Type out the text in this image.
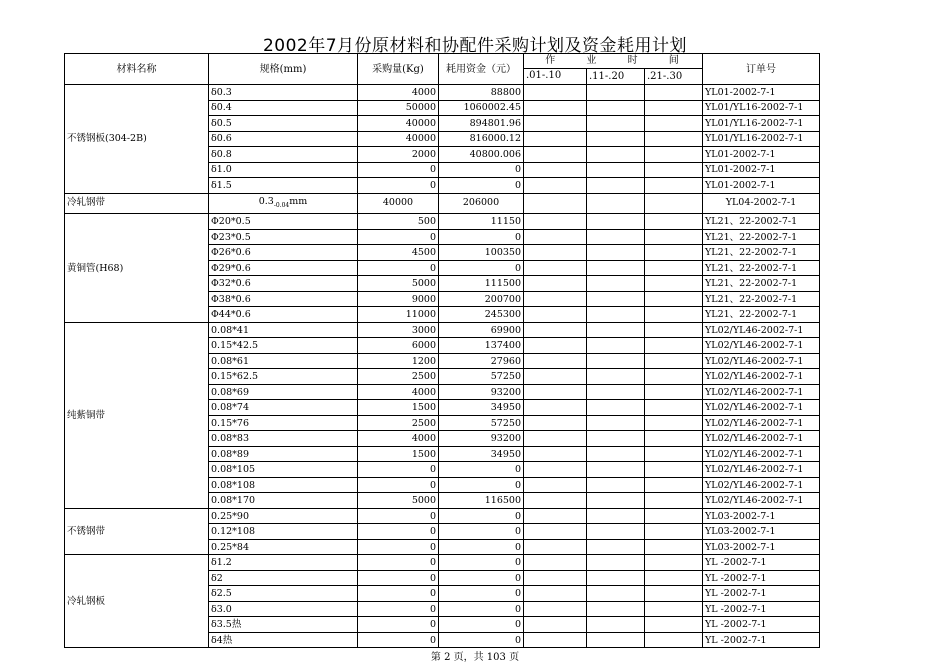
2002年7月份原材料和协配件采购计划及资金耗用计划
材料名称	规格(mm)	采购量(Kg)	耗用资金（元）	作 业 时 间			订单号
				.01-.10	.11-.20	.21-.30	
不锈钢板(304-2B)	δ0.3	4000	88800				YL01-2002-7-1
	δ0.4	50000	1060002.45				YL01/YL16-2002-7-1
	δ0.5	40000	894801.96				YL01/YL16-2002-7-1
	δ0.6	40000	816000.12				YL01/YL16-2002-7-1
	δ0.8	2000	40800.006				YL01-2002-7-1
	δ1.0	0	0				YL01-2002-7-1
	δ1.5	0	0				YL01-2002-7-1
冷轧钢带	$0.3_{-0.04}mm$	40000	206000				YL04-2002-7-1
黄铜管(H68)	Φ20*0.5	500	11150				YL21、22-2002-7-1
	Φ23*0.5	0	0				YL21、22-2002-7-1
	Φ26*0.6	4500	100350				YL21、22-2002-7-1
	Φ29*0.6	0	0				YL21、22-2002-7-1
	Φ32*0.6	5000	111500				YL21、22-2002-7-1
	Φ38*0.6	9000	200700				YL21、22-2002-7-1
	Φ44*0.6	11000	245300				YL21、22-2002-7-1
纯紫铜带	0.08*41	3000	69900				YL02/YL46-2002-7-1
	0.15*42.5	6000	137400				YL02/YL46-2002-7-1
	0.08*61	1200	27960				YL02/YL46-2002-7-1
	0.15*62.5	2500	57250				YL02/YL46-2002-7-1
	0.08*69	4000	93200				YL02/YL46-2002-7-1
	0.08*74	1500	34950				YL02/YL46-2002-7-1
	0.15*76	2500	57250				YL02/YL46-2002-7-1
	0.08*83	4000	93200				YL02/YL46-2002-7-1
	0.08*89	1500	34950				YL02/YL46-2002-7-1
	0.08*105	0	0				YL02/YL46-2002-7-1
	0.08*108	0	0				YL02/YL46-2002-7-1
	0.08*170	5000	116500				YL02/YL46-2002-7-1
不锈钢带	0.25*90	0	0				YL03-2002-7-1
	0.12*108	0	0				YL03-2002-7-1
	0.25*84	0	0				YL03-2002-7-1
冷轧钢板	δ1.2	0	0				YL -2002-7-1
	δ2	0	0				YL -2002-7-1
	δ2.5	0	0				YL -2002-7-1
	δ3.0	0	0				YL -2002-7-1
	δ3.5热	0	0				YL -2002-7-1
	δ4热	0	0				YL -2002-7-1
第 2 页，共 103 页
